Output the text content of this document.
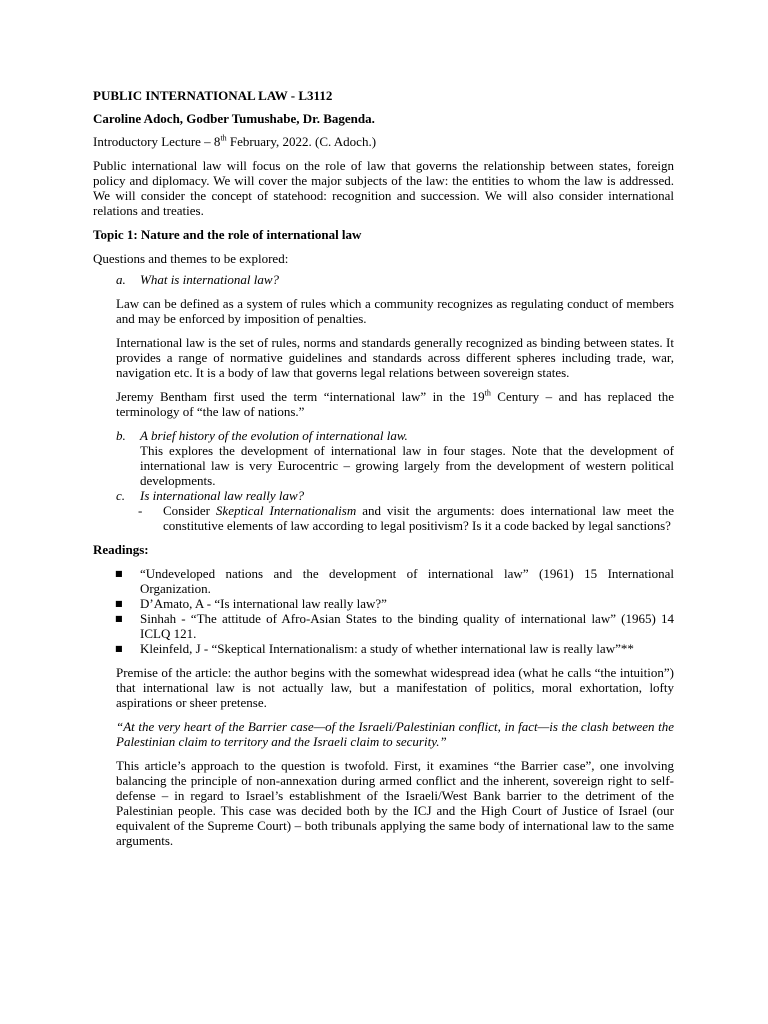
PUBLIC INTERNATIONAL LAW - L3112

Caroline Adoch, Godber Tumushabe, Dr. Bagenda.

Introductory Lecture – 8th February, 2022. (C. Adoch.)

Public international law will focus on the role of law that governs the relationship between states, foreign policy and diplomacy. We will cover the major subjects of the law: the entities to whom the law is addressed. We will consider the concept of statehood: recognition and succession. We will also consider international relations and treaties.

Topic 1: Nature and the role of international law

Questions and themes to be explored:

a.	What is international law?

Law can be defined as a system of rules which a community recognizes as regulating conduct of members and may be enforced by imposition of penalties.

International law is the set of rules, norms and standards generally recognized as binding between states. It provides a range of normative guidelines and standards across different spheres including trade, war, navigation etc. It is a body of law that governs legal relations between sovereign states.

Jeremy Bentham first used the term “international law” in the 19th Century – and has replaced the terminology of “the law of nations.”

b.	A brief history of the evolution of international law.

This explores the development of international law in four stages. Note that the development of international law is very Eurocentric – growing largely from the development of western political developments.

c.	Is international law really law?
-	Consider Skeptical Internationalism and visit the arguments: does international law meet the constitutive elements of law according to legal positivism? Is it a code backed by legal sanctions?

Readings:

■	“Undeveloped nations and the development of international law” (1961) 15 International Organization.
■	D’Amato, A - “Is international law really law?”
■	Sinhah - “The attitude of Afro-Asian States to the binding quality of international law” (1965) 14 ICLQ 121.
■	Kleinfeld, J - “Skeptical Internationalism: a study of whether international law is really law”**

Premise of the article: the author begins with the somewhat widespread idea (what he calls “the intuition”) that international law is not actually law, but a manifestation of politics, moral exhortation, lofty aspirations or sheer pretense.

“At the very heart of the Barrier case—of the Israeli/Palestinian conflict, in fact—is the clash between the Palestinian claim to territory and the Israeli claim to security.”

This article’s approach to the question is twofold. First, it examines “the Barrier case”, one involving balancing the principle of non-annexation during armed conflict and the inherent, sovereign right to self-defense – in regard to Israel’s establishment of the Israeli/West Bank barrier to the detriment of the Palestinian people. This case was decided both by the ICJ and the High Court of Justice of Israel (our equivalent of the Supreme Court) – both tribunals applying the same body of international law to the same arguments.
